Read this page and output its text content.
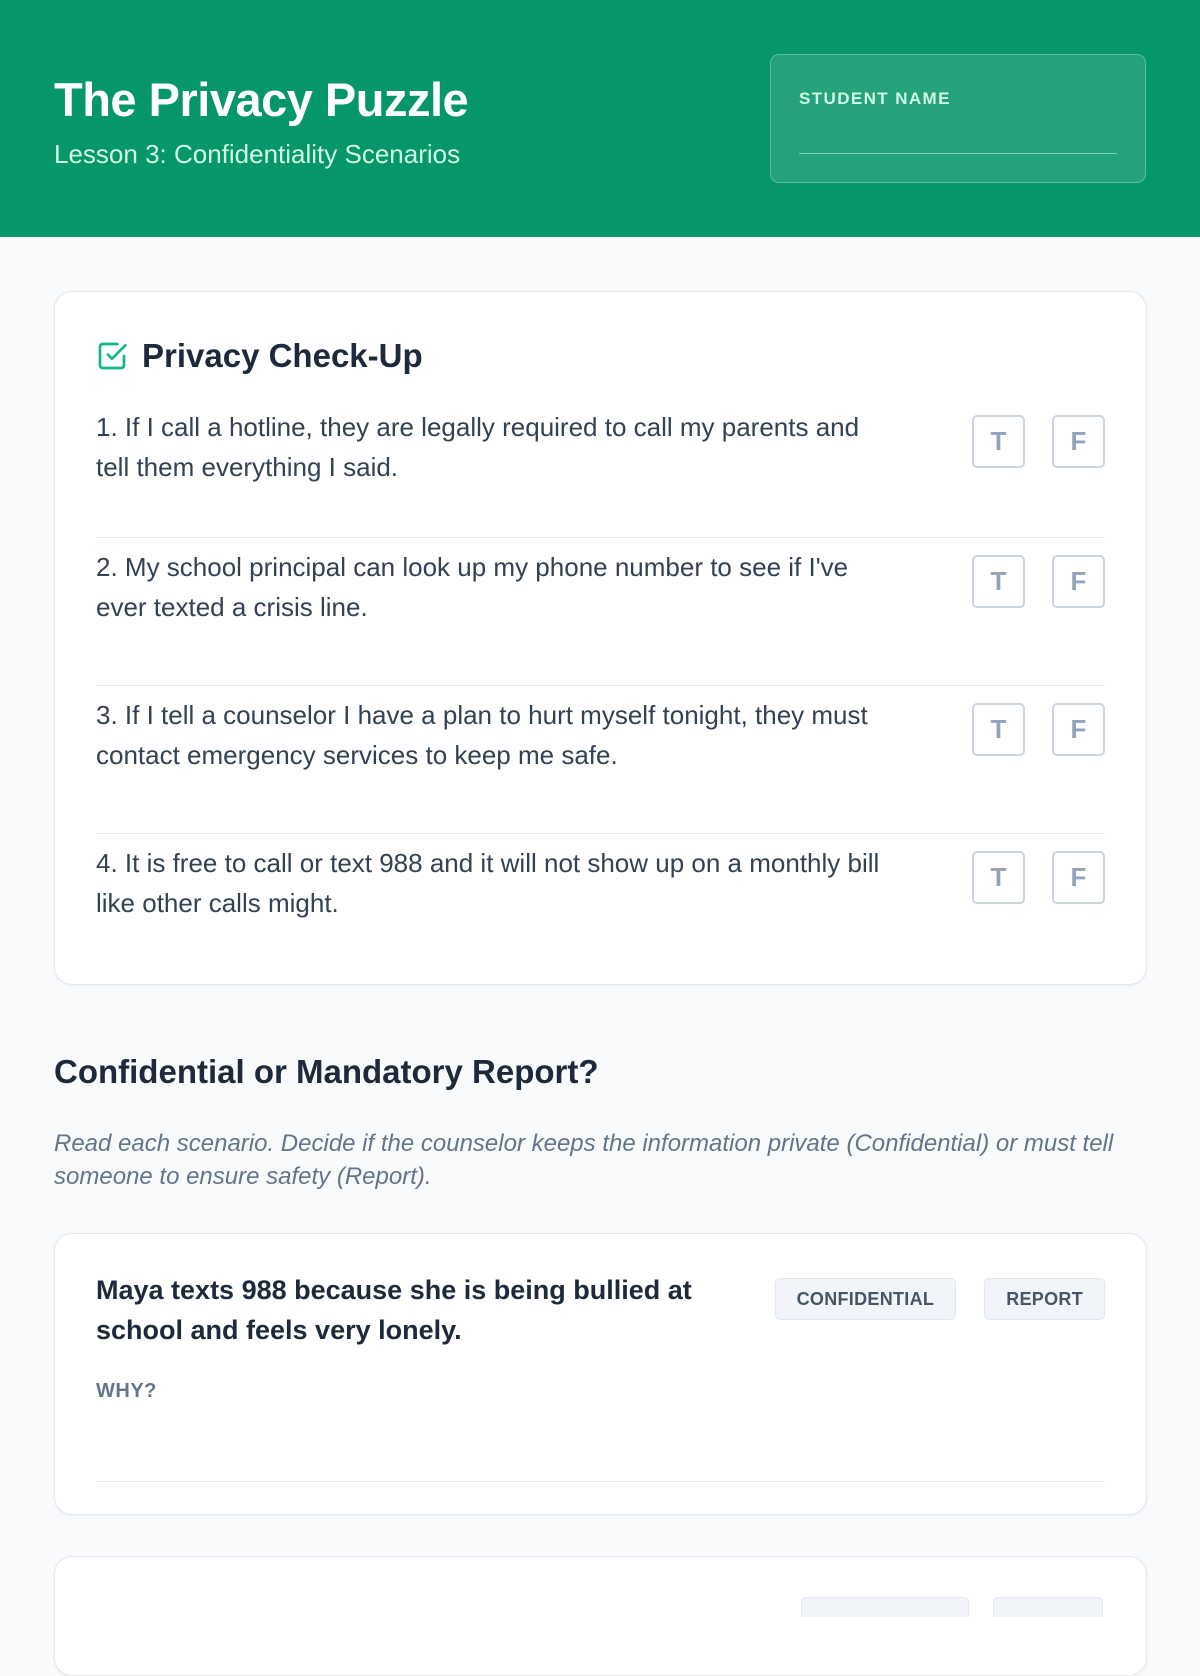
The Privacy Puzzle
Lesson 3: Confidentiality Scenarios
STUDENT NAME
Privacy Check-Up
1. If I call a hotline, they are legally required to call my parents and tell them everything I said.
T	F
2. My school principal can look up my phone number to see if I've ever texted a crisis line.
T	F
3. If I tell a counselor I have a plan to hurt myself tonight, they must contact emergency services to keep me safe.
T	F
4. It is free to call or text 988 and it will not show up on a monthly bill like other calls might.
T	F
Confidential or Mandatory Report?
Read each scenario. Decide if the counselor keeps the information private (Confidential) or must tell someone to ensure safety (Report).
Maya texts 988 because she is being bullied at school and feels very lonely.
CONFIDENTIAL	REPORT
WHY?
